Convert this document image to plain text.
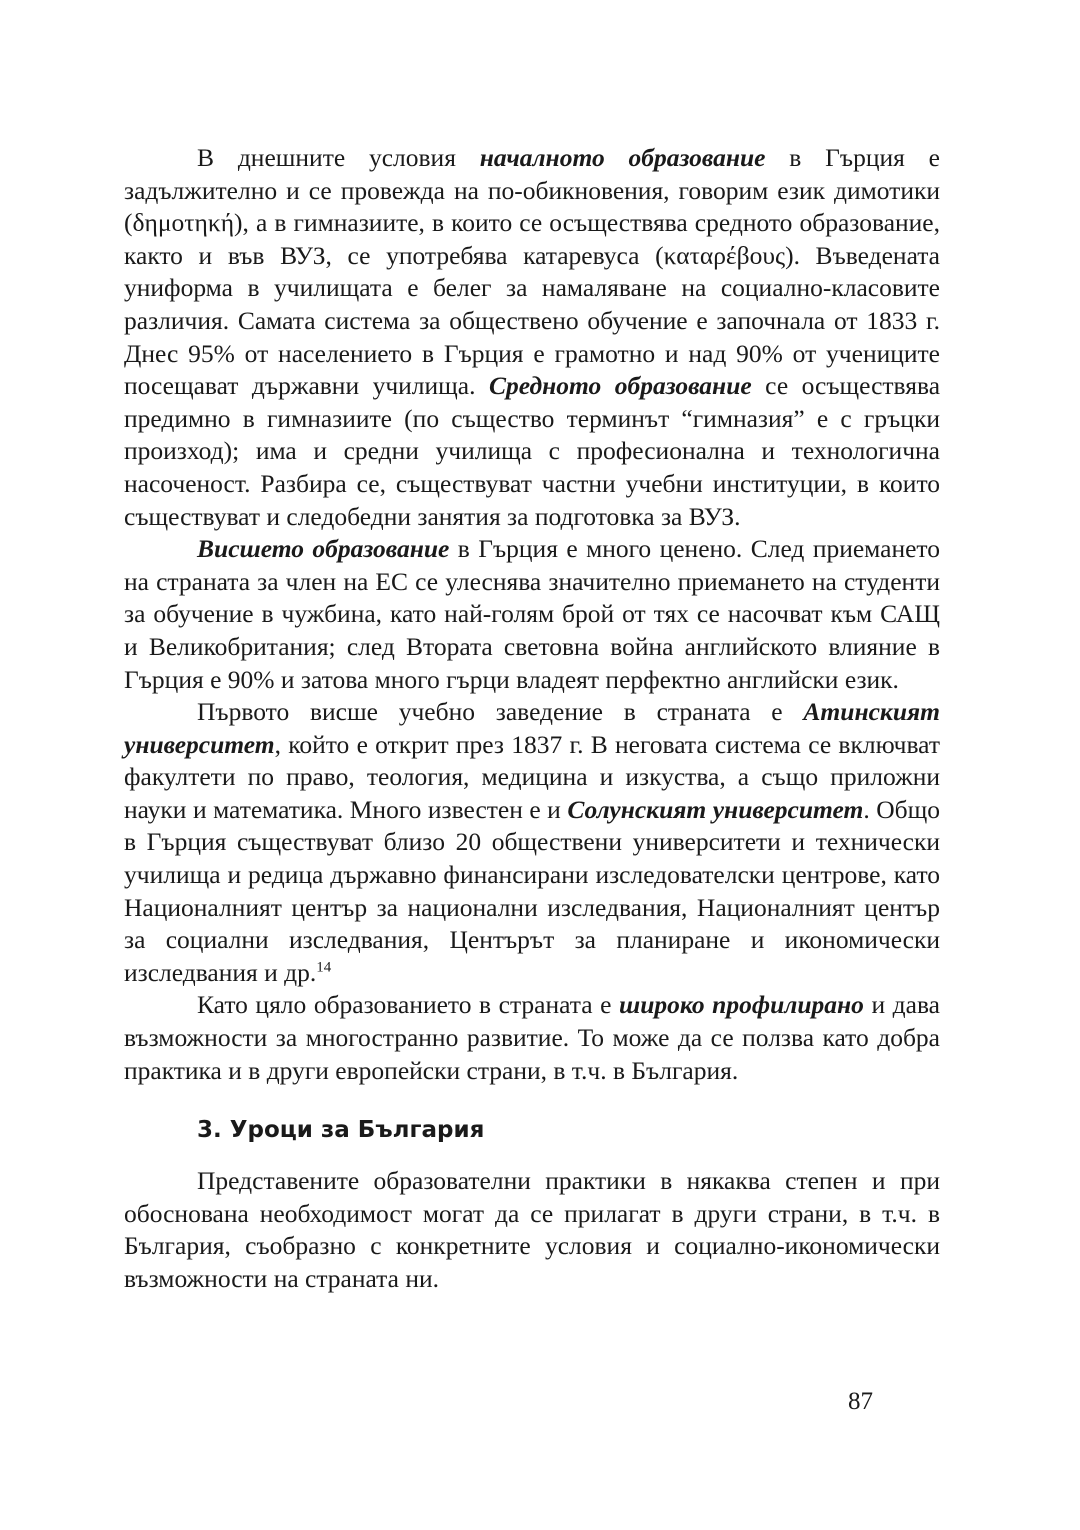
В днешните условия началното образование в Гърция е задължително и се провежда на по-обикновения, говорим език димотики (δημοτηκή), а в гимназиите, в които се осъществява средното образование, както и във ВУЗ, се употребява катаревуса (καταρέβους). Въведената униформа в училищата е белег за намаляване на социално-класовите различия. Самата система за обществено обучение е започнала от 1833 г. Днес 95% от населението в Гърция е грамотно и над 90% от учениците посещават държавни училища. Средното образование се осъществява предимно в гимназиите (по същество терминът “гимназия” е с гръцки произход); има и средни училища с професионална и технологична насоченост. Разбира се, съществуват частни учебни институции, в които съществуват и следобедни занятия за подготовка за ВУЗ.

Висшето образование в Гърция е много ценено. След приемането на страната за член на ЕС се улеснява значително приемането на студенти за обучение в чужбина, като най-голям брой от тях се насочват към САЩ и Великобритания; след Втората световна война английското влияние в Гърция е 90% и затова много гърци владеят перфектно английски език.

Първото висше учебно заведение в страната е Атинският университет, който е открит през 1837 г. В неговата система се включват факултети по право, теология, медицина и изкуства, а също приложни науки и математика. Много известен е и Солунският университет. Общо в Гърция съществуват близо 20 обществени университети и технически училища и редица държавно финансирани изследователски центрове, като Националният център за национални изследвания, Националният център за социални изследвания, Центърът за планиране и икономически изследвания и др.$^{14}$

Като цяло образованието в страната е широко профилирано и дава възможности за многостранно развитие. То може да се ползва като добра практика и в други европейски страни, в т.ч. в България.

3. Уроци за България

Представените образователни практики в някаква степен и при обоснована необходимост могат да се прилагат в други страни, в т.ч. в България, съобразно с конкретните условия и социално-икономически възможности на страната ни.

87
